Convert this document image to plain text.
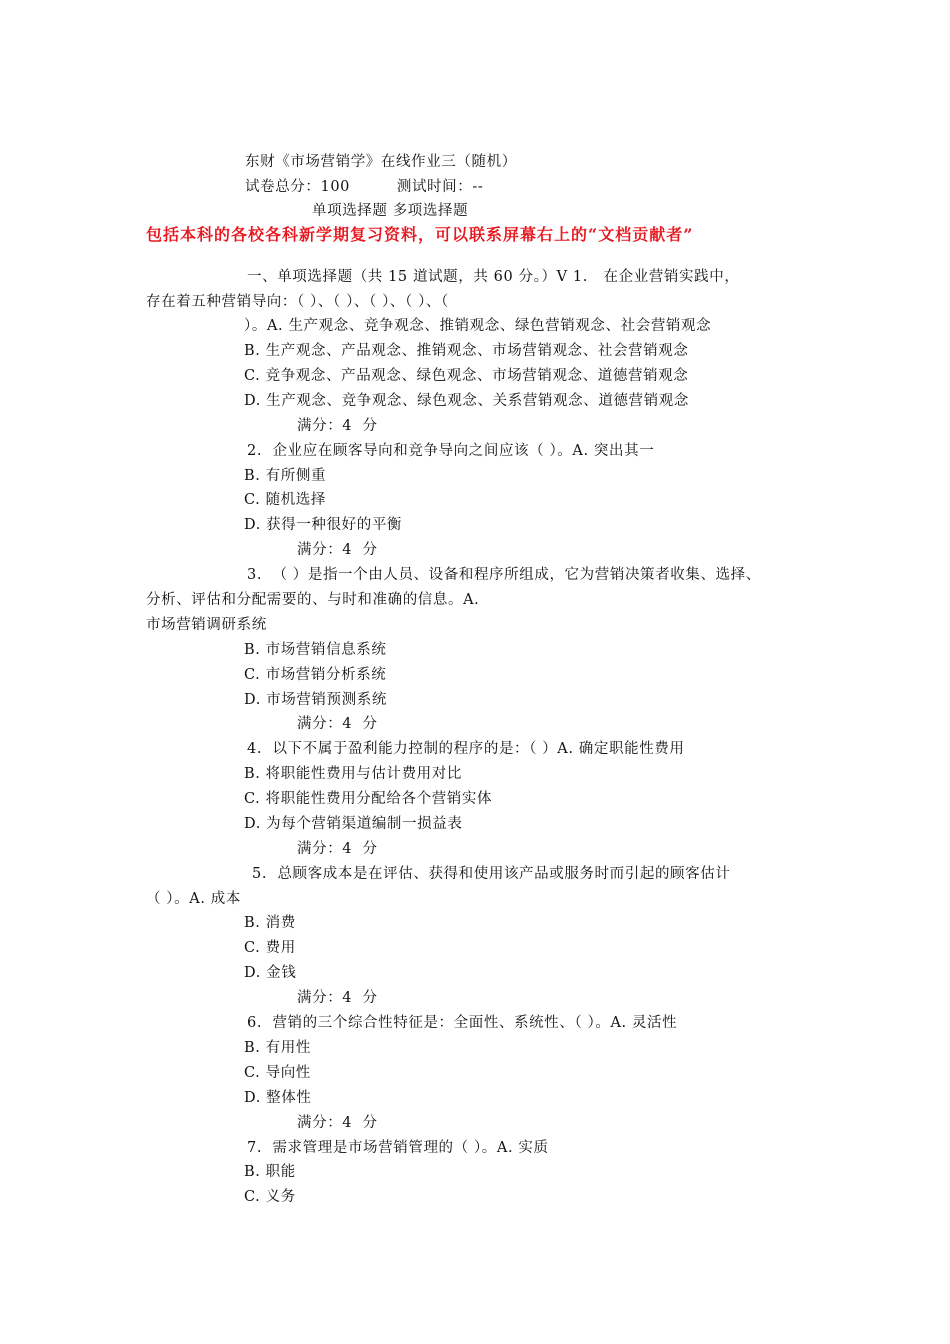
东财《市场营销学》在线作业三（随机）
试卷总分：100         测试时间：--
单项选择题 多项选择题
包括本科的各校各科新学期复习资料，可以联系屏幕右上的“文档贡献者”
一、单项选择题（共 15 道试题，共 60 分。）V 1.   在企业营销实践中，
存在着五种营销导向：（ ）、（ ）、（ ）、（ ）、（
）。A. 生产观念、竞争观念、推销观念、绿色营销观念、社会营销观念
B. 生产观念、产品观念、推销观念、市场营销观念、社会营销观念
C. 竞争观念、产品观念、绿色观念、市场营销观念、道德营销观念
D. 生产观念、竞争观念、绿色观念、关系营销观念、道德营销观念
满分：4  分
2.  企业应在顾客导向和竞争导向之间应该（ ）。A. 突出其一
B. 有所侧重
C. 随机选择
D. 获得一种很好的平衡
满分：4  分
3.  （ ）是指一个由人员、设备和程序所组成，它为营销决策者收集、选择、
分析、评估和分配需要的、与时和准确的信息。A.
市场营销调研系统
B. 市场营销信息系统
C. 市场营销分析系统
D. 市场营销预测系统
满分：4  分
4.  以下不属于盈利能力控制的程序的是：（ ）A. 确定职能性费用
B. 将职能性费用与估计费用对比
C. 将职能性费用分配给各个营销实体
D. 为每个营销渠道编制一损益表
满分：4  分
5.  总顾客成本是在评估、获得和使用该产品或服务时而引起的顾客估计
（ ）。A. 成本
B. 消费
C. 费用
D. 金钱
满分：4  分
6.  营销的三个综合性特征是：全面性、系统性、（ ）。A. 灵活性
B. 有用性
C. 导向性
D. 整体性
满分：4  分
7.  需求管理是市场营销管理的（ ）。A. 实质
B. 职能
C. 义务
